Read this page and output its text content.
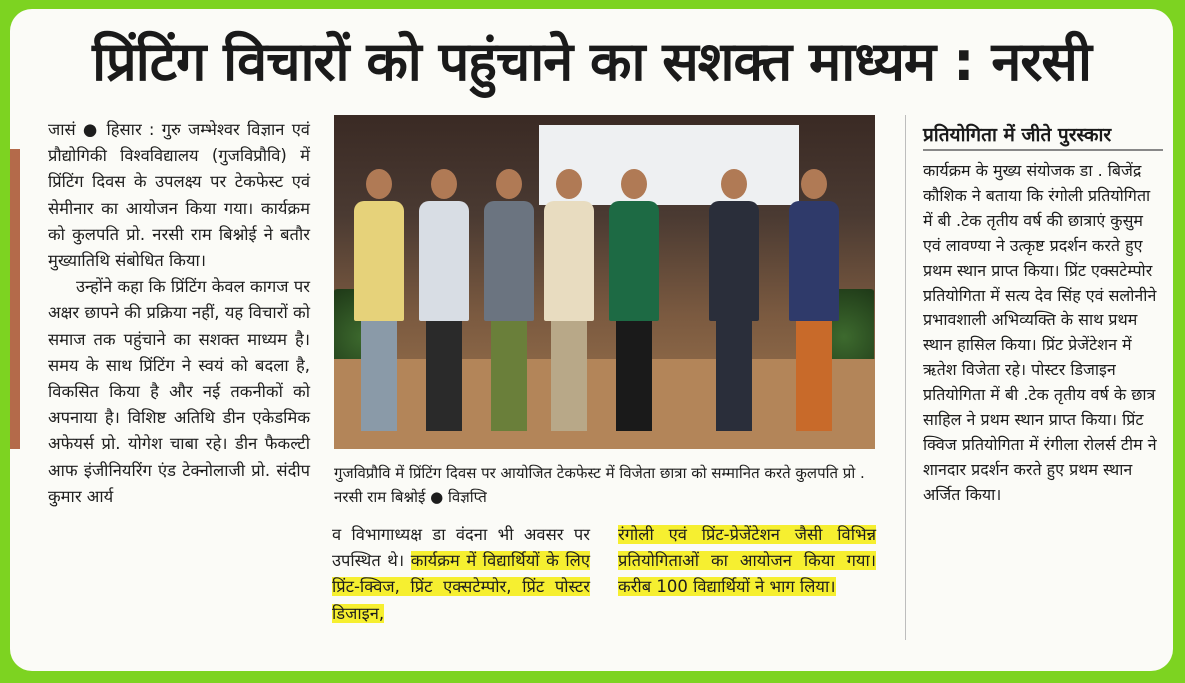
प्रिंटिंग विचारों को पहुंचाने का सशक्त माध्यम : नरसी

जासं ● हिसार : गुरु जम्भेश्वर विज्ञान एवं प्रौद्योगिकी विश्वविद्यालय (गुजविप्रौवि) में प्रिंटिंग दिवस के उपलक्ष्य पर टेकफेस्ट एवं सेमीनार का आयोजन किया गया। कार्यक्रम को कुलपति प्रो. नरसी राम बिश्नोई ने बतौर मुख्यातिथि संबोधित किया।

उन्होंने कहा कि प्रिंटिंग केवल कागज पर अक्षर छापने की प्रक्रिया नहीं, यह विचारों को समाज तक पहुंचाने का सशक्त माध्यम है। समय के साथ प्रिंटिंग ने स्वयं को बदला है, विकसित किया है और नई तकनीकों को अपनाया है। विशिष्ट अतिथि डीन एकेडमिक अफेयर्स प्रो. योगेश चाबा रहे। डीन फैकल्टी आफ इंजीनियरिंग एंड टेक्नोलाजी प्रो. संदीप कुमार आर्य

गुजविप्रौवि में प्रिंटिंग दिवस पर आयोजित टेकफेस्ट में विजेता छात्रा को सम्मानित करते कुलपति प्रो . नरसी राम बिश्नोई ● विज्ञप्ति
व विभागाध्यक्ष डा वंदना भी अवसर पर उपस्थित थे। कार्यक्रम में विद्यार्थियों के लिए प्रिंट-क्विज, प्रिंट एक्सटेम्पोर, प्रिंट पोस्टर डिजाइन,
रंगोली एवं प्रिंट-प्रेजेंटेशन जैसी विभिन्न प्रतियोगिताओं का आयोजन किया गया। करीब 100 विद्यार्थियों ने भाग लिया।
प्रतियोगिता में जीते पुरस्कार
कार्यक्रम के मुख्य संयोजक डा . बिजेंद्र कौशिक ने बताया कि रंगोली प्रतियोगिता में बी .टेक तृतीय वर्ष की छात्राएं कुसुम एवं लावण्या ने उत्कृष्ट प्रदर्शन करते हुए प्रथम स्थान प्राप्त किया। प्रिंट एक्सटेम्पोर प्रतियोगिता में सत्य देव सिंह एवं सलोनीने प्रभावशाली अभिव्यक्ति के साथ प्रथम स्थान हासिल किया। प्रिंट प्रेजेंटेशन में ऋतेश विजेता रहे। पोस्टर डिजाइन प्रतियोगिता में बी .टेक तृतीय वर्ष के छात्र साहिल ने प्रथम स्थान प्राप्त किया। प्रिंट क्विज प्रतियोगिता में रंगीला रोलर्स टीम ने शानदार प्रदर्शन करते हुए प्रथम स्थान अर्जित किया।
